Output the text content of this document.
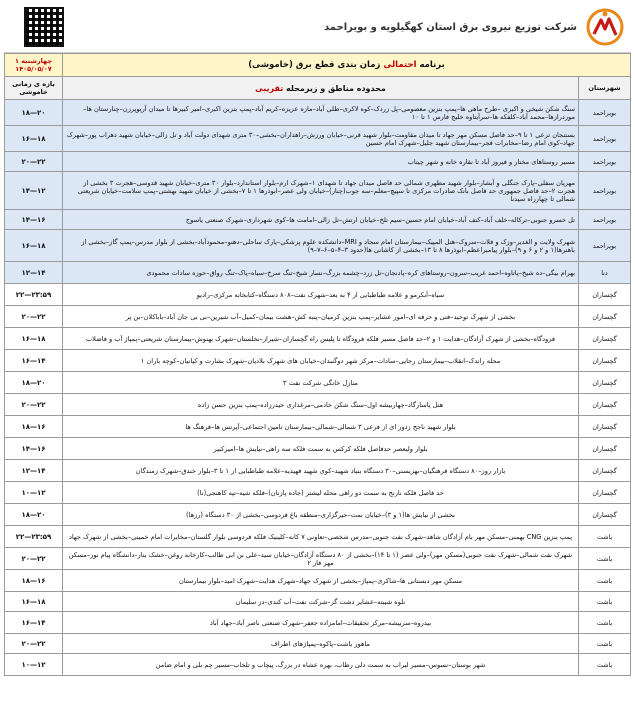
شرکت توزیع نیروی برق استان کهگیلویه و بویراحمد
برنامه احتمالی زمان بندی قطع برق (خاموشی)		چهارشنبه ۱
۱۴۰۵/۰۵/۰۷

شهرستان	محدوده مناطق و زیرمحله تقریبی	بازه ی زمانی خاموشی
بویراحمد	سنگ شکن شیخی و اکبری –طرح ماهی ها–پمپ بنزین معصومی–پل زردک–کوه لاکری–طلی آباد–مازه عزیزه–کریم آباد–پمپ بنزین اکبری–امیر کبیرها تا میدان آرپوپرزن–چنارستان ها–موردرازها–محمد آباد–کلفکه ها–سرآبتاوه خلیج فارس ۱ تا ۱۰	۱۸—۲۰
بویراحمد	بستنجان ترعی ۱ تا ۹–حد فاصل مسکن مهر جهاد تا میدان مقاومت–بلوار شهید قرنی–خیابان ورزش–راهداران–بخشی–۳۰ متری شهدای دولت آباد و تل زالی–خیابان شهید دهراب پور–شهرک جهاد–کوی امام رضا–مخابرات فجر–بیمارستان شهید جلیل–شهرک امام حسین	۱۶—۱۸
بویراحمد	مسیر روستاهای مختار و فیروز آباد تا نقاره خانه و شهر چیتاب	۲۰—۲۲
بویراحمد	مهریان سفلی–پارک جنگلی و آبشار–بلوار شهید مطهری شمالی حد فاصل میدان جهاد تا شهدای ۱–شهرک ارم–بلوار استاندارد–بلوار ۳۰ متری–خیابان شهید قدوسی–هجرت ۳ بخشی از هجرت ۲–حد فاصل جمهوری حد فاصل بانک صادرات مرکزی تا سپیچ–معلم–سه جوب(چنار)–خیابان ولی عصر–ابوذرها ۱ تا ۷–بخشی از خیابان شهید بهشتی–پمپ سلامت–خیابان شریعتی شمالی تا چهارراه سیدنا	۱۴—۱۲
بویراحمد	تل خسرو جنوبی–ترکاله–خلف آباد–کتف آباد–خیابان امام حسین–سیم تلخ–خیابان ارتش–تل زالی–امامت ها–کوی شهرداری–شهرک صنعتی یاسوج	۱۴—۱۶
بویراحمد	شهرک ولایت و الغدیر–وزک و فلات–سروک–هتل المپیک–بیمارستان امام سجاد و MRI–دانشکده علوم پزشکی–پارک ساحلی–دهنو–محمودآباد–بخشی از بلوار مدرس–پمپ گاز–بخشی از باهنرها(۱ و ۲ و ۶ و ۹)–بلوار پیامبراعظم–ابوذرها ۸ تا ۱۳–بخشی از کاشانی ها(حدود ۳–۴–۵–۶–۷–۹)	۱۶—۱۸
دنا	بهرام بیگی–ده شیخ–پاتاوه–احمد غریب–سرون–روستاهای کره–پادنجان–تل زرد–چشمه بزرگ–نسار شیخ–تنگ سرخ–سیاه–پاک–تنگ رواق–حوزه سادات محمودی	۱۲—۱۴
گچساران	سیاه–آبکرمو و علامه طباطبایی از ۴ به بعد–شهرک نفت–۸۰۸ دستگاه–کتابخانه مرکزی–رادیو	۲۲—۲۳:۵۹
گچساران	بخشی از شهرک توحید–فنی و حرفه ای–امور عشایر–پمپ بنزین کرمیان–پنبه کش–هشت بیمان–کمیل–آب شیرین–بی بی جان آباد–باباکلان–بن پر	۲۰—۲۲
گچساران	فرودگاه–بخشی از شهرک آزادگان–هدایت ۱ و ۲–حد فاصل مسیر فلکه فرودگاه تا پلیس راه گچساران–شیراز–نخلستان–شهرک بهنوش–بیمارستان شریعتی–پمپاژ آب و فاضلاب	۱۶—۱۸
گچساران	محله راندک–انقلاب–بیمارستان رجایی–سادات–مرکز شهر دوگنبدان–خیابان های شهرک بلادیان–شهرک بشارت و کیانیان–کوچه باران ۱	۱۶—۱۴
گچساران	منازل خانگی شرکت نفت ۳	۱۸—۲۰
گچساران	هتل پاسارگاد–چهاربیشه اول–سنگ شکن خادمی–مرغداری حیدرزاده–پمپ بنزین حسن زاده	۲۰—۲۲
گچساران	بلوار شهید ناجح زدور ای از فرعی ۳ شمالی–شمالی–بیمارستان تامین اجتماعی–آپرتس ها–فرهنگ ها	۱۸—۱۶
گچساران	بلوار ولیعصر حدفاصل فلکه کرکس به سمت فلکه سه راهی–نیایش ها–امیرکبیر	۱۴—۱۶
گچساران	بازار روز–۸۰ دستگاه فرهنگیان–بهزیستی–۳۰ دستگاه بنیاد شهید–کوی شهید قهیدیه–علامه طباطبایی از ۱ تا ۳–بلوار خندق–شهرک زمندگان	۱۲—۱۴
گچساران	حد فاصل فلکه نارنج به سمت دو راهی محله لیشتر (جاده پازنان)–فلکه شیه–تپه کاهنجی(نا)	۱۰—۱۲
گچساران	بخشی از نیایش ها(۱ و ۳)–خیابان نمت–حیرگزاری–منطقه باغ فردوسی–بخشی از ۳۰ دستگاه (رزها)	۱۸—۲۰
باشت	پمپ بنزین CNG بهمنی–مسکن مهر بام آزادگان شاهد–شهرک نفت جنوبی–مدرس شخصی–تعاونی ۷ کانه–کلینیک فلکه فردوسی بلوار گلستان–مخابرات امام خمینی–بخشی از شهرک جهاد	۲۲—۲۳:۵۹
باشت	شهرک نفت شمالی–شهرک نفت جنوبی(مسکن مهر)–ولی عصر (۱ تا ۱۴)–بخشی از ۸۰ دستگاه آزادگان–خیابان سید–علی بن ابی طالب–کارخانه روغن–خشک بنار–دانشگاه پیام نور–مسکن مهر فاز ۲	۲۰—۲۲
باشت	مسکن مهر دبستانی ها–شاکری–پمپاژ–بخشی از شهرک جهاد–شهرک هدایت–شهرک امید–بلوار بیمارستان	۱۸—۱۶
باشت	نلوه شیبته–عشایر دشت گز–شرکت نفت–آب کندی–دز سلیمان	۱۶—۱۸
باشت	بیدروه–سربیشه–مرکز تحقیقات–امامزاده جعفر–شهرک صنعتی ناصر آباد–جهاد آباد	۱۶—۱۴
باشت	ماهور باشت–پاکوه–پمپاژهای اطراف	۲۰—۲۲
باشت	شهر بوستان–نسوس–مسیر لیراب به سمت دلی رطاب، بهره عشاه در بزرگ، پیچاب و تلخاب–مسیر چم بلی و امام ضامن	۱۰—۱۲
